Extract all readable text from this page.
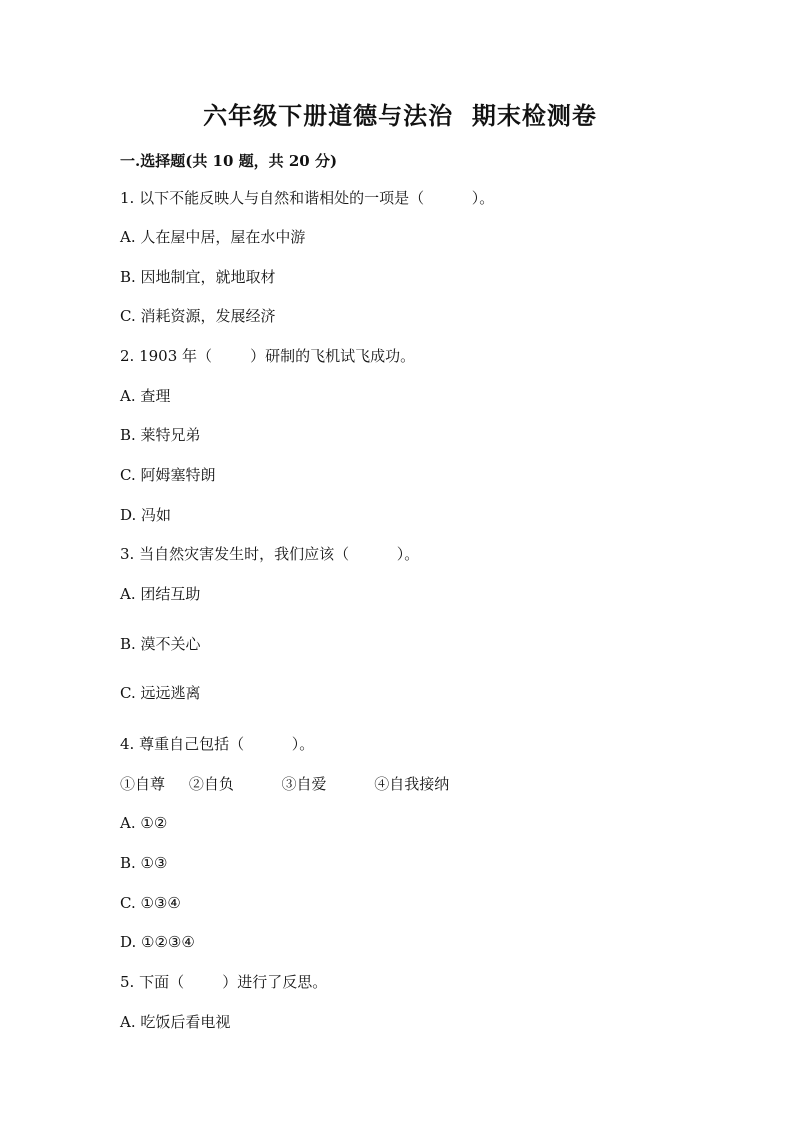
六年级下册道德与法治  期末检测卷
一.选择题(共 10 题，共 20 分)
1. 以下不能反映人与自然和谐相处的一项是（          ）。
A. 人在屋中居，屋在水中游
B. 因地制宜，就地取材
C. 消耗资源，发展经济
2. 1903 年（        ）研制的飞机试飞成功。
A. 查理
B. 莱特兄弟
C. 阿姆塞特朗
D. 冯如
3. 当自然灾害发生时，我们应该（          ）。
A. 团结互助
B. 漠不关心
C. 远远逃离
4. 尊重自己包括（          ）。
①自尊     ②自负          ③自爱          ④自我接纳
A. ①②
B. ①③
C. ①③④
D. ①②③④
5. 下面（        ）进行了反思。
A. 吃饭后看电视
